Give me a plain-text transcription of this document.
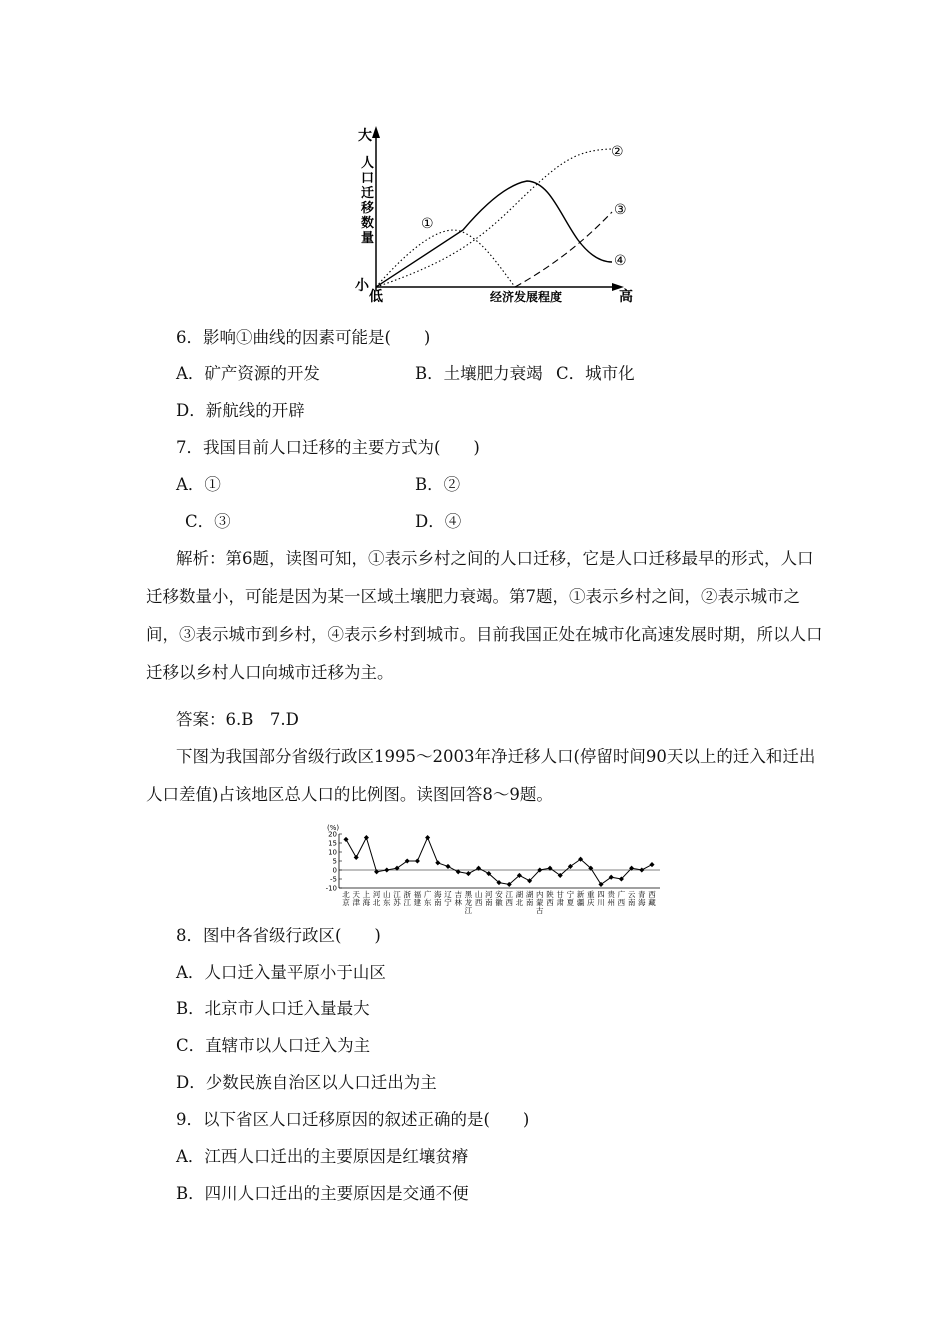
大
人
口
迁
移
数
量
小
低	经济发展程度	高
①
②
③
④
6．影响①曲线的因素可能是(　　)
A．矿产资源的开发	B．土壤肥力衰竭 C．城市化
D．新航线的开辟
7．我国目前人口迁移的主要方式为(　　)
A．①	B．②
C．③	D．④
解析：第6题，读图可知，①表示乡村之间的人口迁移，它是人口迁移最早的形式，人口迁移数量小，可能是因为某一区域土壤肥力衰竭。第7题，①表示乡村之间，②表示城市之间，③表示城市到乡村，④表示乡村到城市。目前我国正处在城市化高速发展时期，所以人口迁移以乡村人口向城市迁移为主。
答案：6.B　7.D
下图为我国部分省级行政区1995～2003年净迁移人口(停留时间90天以上的迁入和迁出人口差值)占该地区总人口的比例图。读图回答8～9题。
(%)
20
15
10
5
0
-5
-10
北京
天津
上海
河北
山东
江苏
浙江
福建
广东
海南
辽宁
吉林
黑龙江
山西
河南
安徽
江西
湖北
湖南
内蒙古
陕西
甘肃
宁夏
新疆
重庆
四川
贵州
广西
云南
青海
西藏
8．图中各省级行政区(　　)
A．人口迁入量平原小于山区
B．北京市人口迁入量最大
C．直辖市以人口迁入为主
D．少数民族自治区以人口迁出为主
9．以下省区人口迁移原因的叙述正确的是(　　)
A．江西人口迁出的主要原因是红壤贫瘠
B．四川人口迁出的主要原因是交通不便
